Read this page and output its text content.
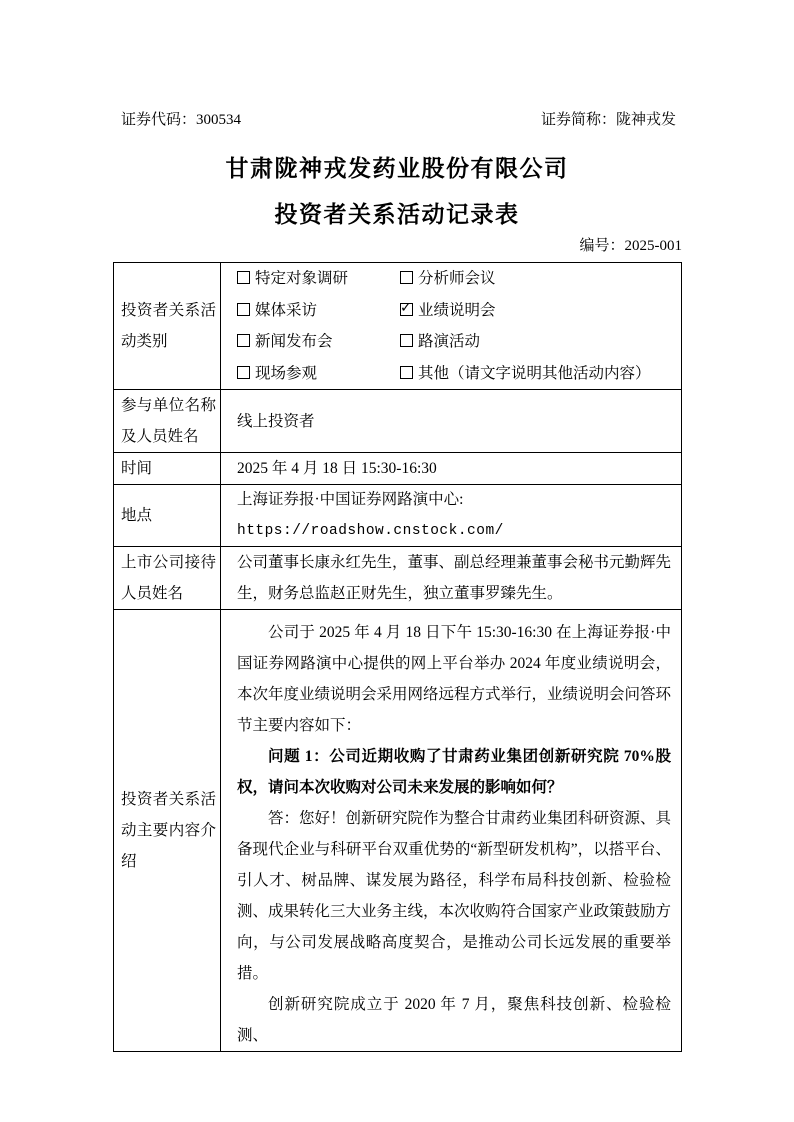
证券代码：300534	证券简称：陇神戎发
甘肃陇神戎发药业股份有限公司
投资者关系活动记录表
编号：2025-001
投资者关系活动类别	
特定对象调研	分析师会议
媒体采访	✓ 业绩说明会
新闻发布会	路演活动
现场参观	其他（请文字说明其他活动内容）

参与单位名称及人员姓名	线上投资者
时间	2025 年 4 月 18 日 15:30-16:30
地点	上海证券报·中国证券网路演中心:
https://roadshow.cnstock.com/

上市公司接待人员姓名	公司董事长康永红先生，董事、副总经理兼董事会秘书元勤辉先生，财务总监赵正财先生，独立董事罗臻先生。
投资者关系活动主要内容介绍	公司于 2025 年 4 月 18 日下午 15:30-16:30 在上海证券报·中国证券网路演中心提供的网上平台举办 2024 年度业绩说明会，本次年度业绩说明会采用网络远程方式举行，业绩说明会问答环节主要内容如下：

问题 1：公司近期收购了甘肃药业集团创新研究院 70%股权，请问本次收购对公司未来发展的影响如何？

答：您好！创新研究院作为整合甘肃药业集团科研资源、具备现代企业与科研平台双重优势的“新型研发机构”，以搭平台、引人才、树品牌、谋发展为路径，科学布局科技创新、检验检测、成果转化三大业务主线，本次收购符合国家产业政策鼓励方向，与公司发展战略高度契合，是推动公司长远发展的重要举措。

创新研究院成立于 2020 年 7 月，聚焦科技创新、检验检测、
